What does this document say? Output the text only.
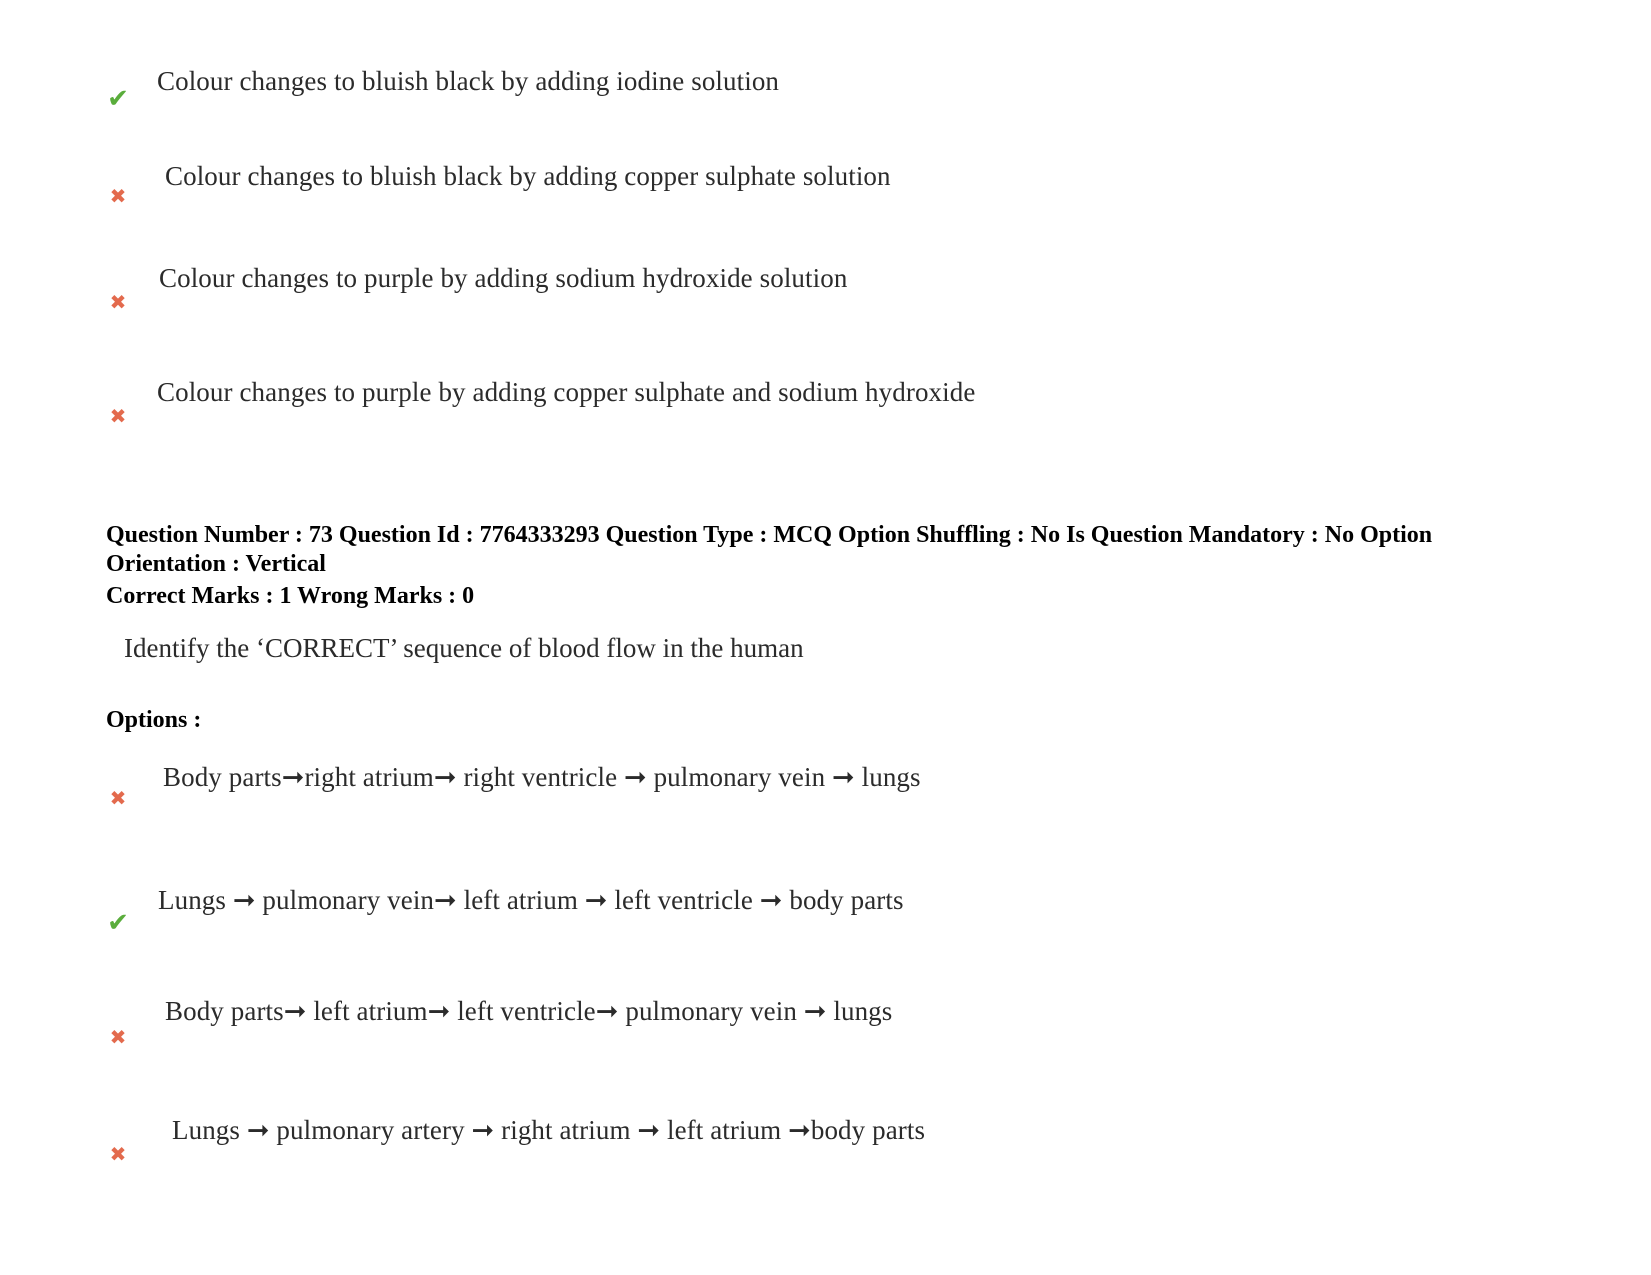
✔
Colour changes to bluish black by adding iodine solution
✖
Colour changes to bluish black by adding copper sulphate solution
✖
Colour changes to purple by adding sodium hydroxide solution
✖
Colour changes to purple by adding copper sulphate and sodium hydroxide
Question Number : 73 Question Id : 7764333293 Question Type : MCQ Option Shuffling : No Is Question Mandatory : No Option Orientation : Vertical
Correct Marks : 1 Wrong Marks : 0
Identify the ‘CORRECT’ sequence of blood flow in the human
Options :
✖
Body parts➞right atrium➞ right ventricle ➞ pulmonary vein ➞ lungs
✔
Lungs ➞ pulmonary vein➞ left atrium ➞ left ventricle ➞ body parts
✖
Body parts➞ left atrium➞ left ventricle➞ pulmonary vein ➞ lungs
✖
Lungs ➞ pulmonary artery ➞ right atrium ➞ left atrium ➞body parts
